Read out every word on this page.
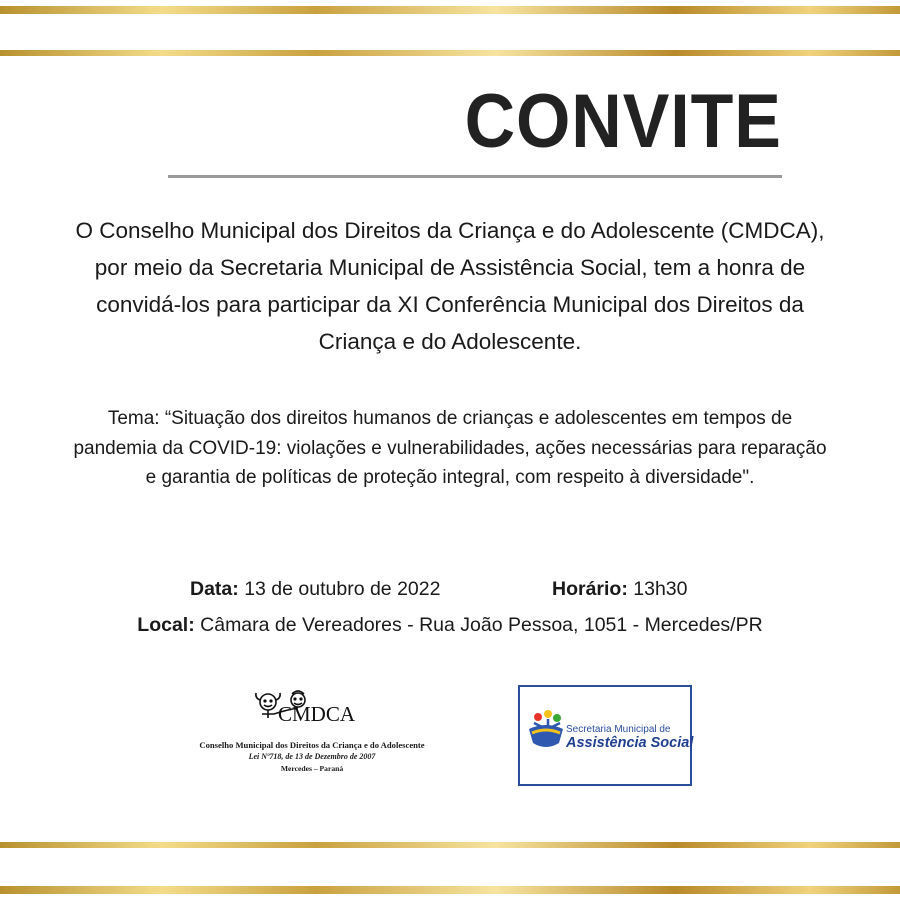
CONVITE
O Conselho Municipal dos Direitos da Criança e do Adolescente (CMDCA), por meio da Secretaria Municipal de Assistência Social, tem a honra de convidá-los para participar da XI Conferência Municipal dos Direitos da Criança e do Adolescente.
Tema: “Situação dos direitos humanos de crianças e adolescentes em tempos de pandemia da COVID-19: violações e vulnerabilidades, ações necessárias para reparação e garantia de políticas de proteção integral, com respeito à diversidade".
Data: 13 de outubro de 2022	Horário: 13h30
Local: Câmara de Vereadores - Rua João Pessoa, 1051 - Mercedes/PR
CMDCA
Conselho Municipal dos Direitos da Criança e do Adolescente
Lei Nº718, de 13 de Dezembro de 2007
Mercedes – Paraná
Secretaria Municipal de
Assistência Social
